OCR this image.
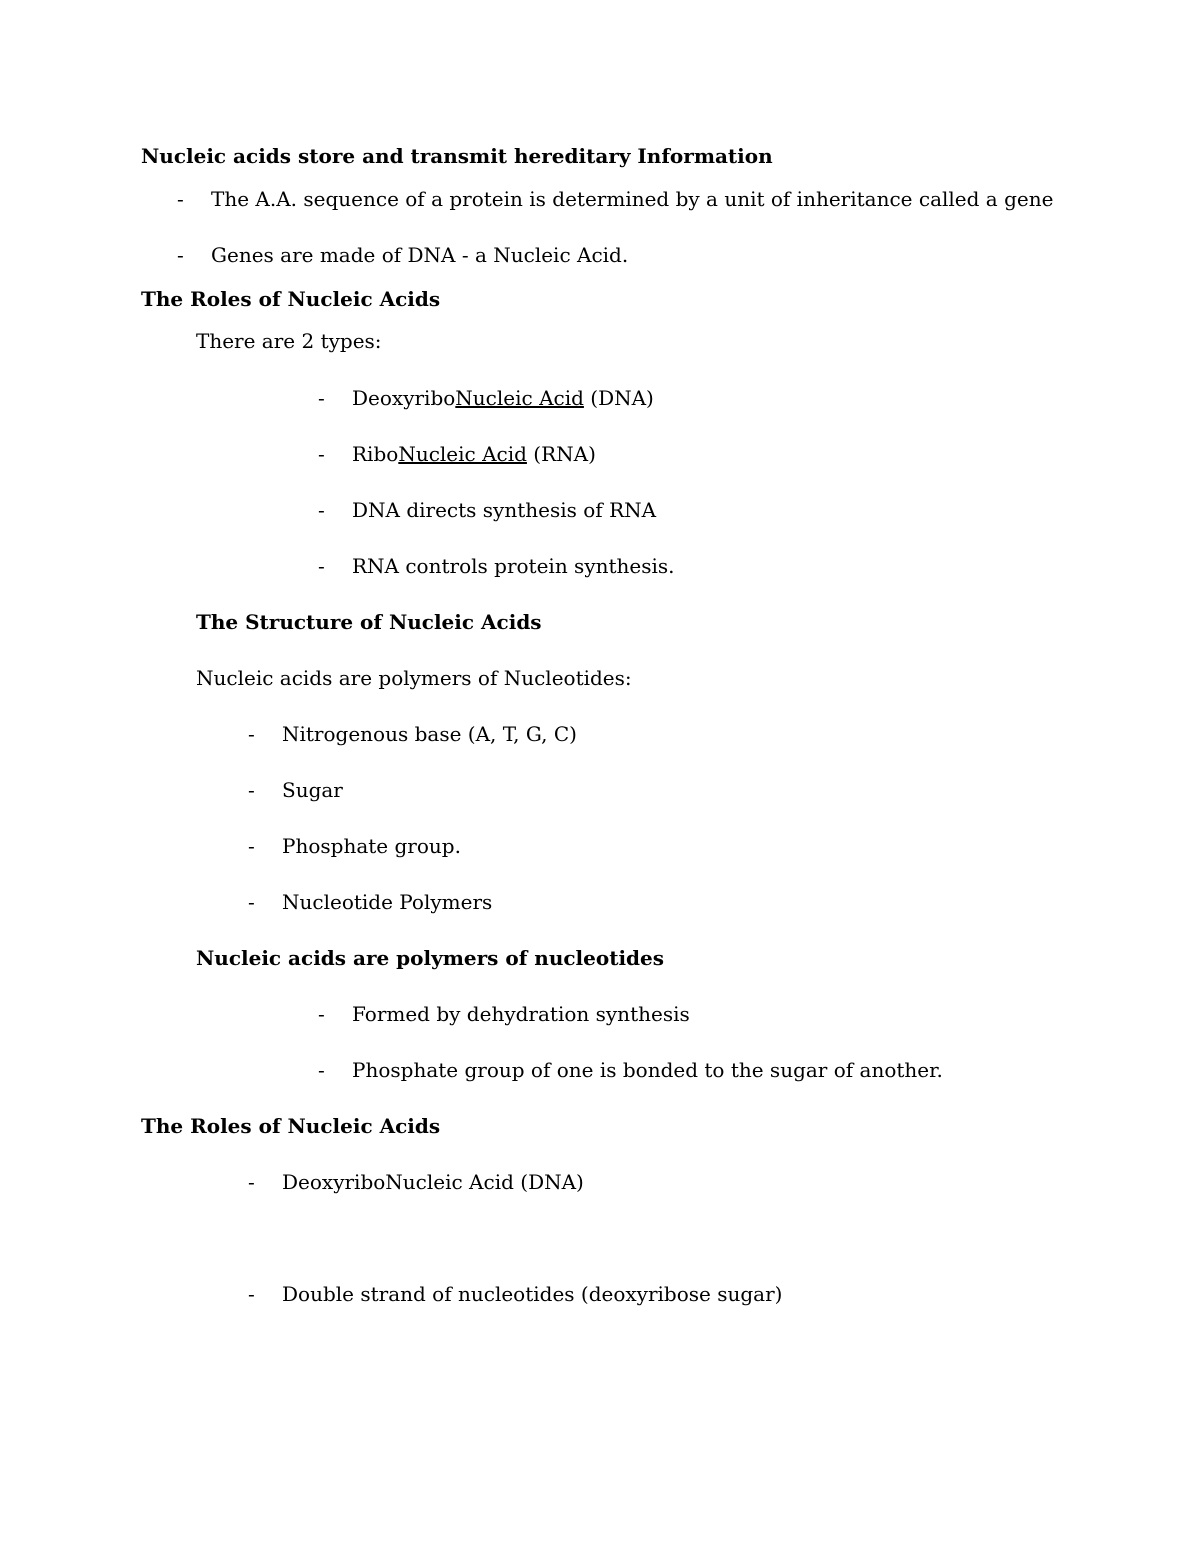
Nucleic acids store and transmit hereditary Information
- The A.A. sequence of a protein is determined by a unit of inheritance called a gene
- Genes are made of DNA - a Nucleic Acid.
The Roles of Nucleic Acids
There are 2 types:
- DeoxyriboNucleic Acid (DNA)
- RiboNucleic Acid (RNA)
- DNA directs synthesis of RNA
- RNA controls protein synthesis.
The Structure of Nucleic Acids
Nucleic acids are polymers of Nucleotides:
- Nitrogenous base (A, T, G, C)
- Sugar
- Phosphate group.
- Nucleotide Polymers
Nucleic acids are polymers of nucleotides
- Formed by dehydration synthesis
- Phosphate group of one is bonded to the sugar of another.
The Roles of Nucleic Acids
- DeoxyriboNucleic Acid (DNA)
- Double strand of nucleotides (deoxyribose sugar)
